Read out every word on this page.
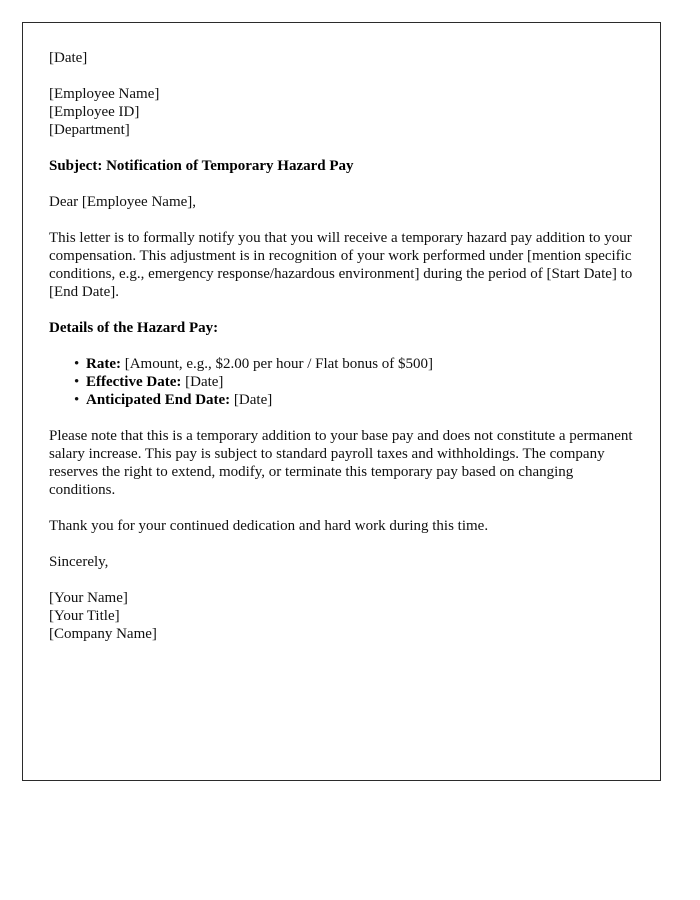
[Date]
[Employee Name]
[Employee ID]
[Department]
Subject: Notification of Temporary Hazard Pay
Dear [Employee Name],
This letter is to formally notify you that you will receive a temporary hazard pay addition to your compensation. This adjustment is in recognition of your work performed under [mention specific conditions, e.g., emergency response/hazardous environment] during the period of [Start Date] to [End Date].
Details of the Hazard Pay:
• Rate: [Amount, e.g., $2.00 per hour / Flat bonus of $500]
• Effective Date: [Date]
• Anticipated End Date: [Date]
Please note that this is a temporary addition to your base pay and does not constitute a permanent salary increase. This pay is subject to standard payroll taxes and withholdings. The company reserves the right to extend, modify, or terminate this temporary pay based on changing conditions.
Thank you for your continued dedication and hard work during this time.
Sincerely,
[Your Name]
[Your Title]
[Company Name]
